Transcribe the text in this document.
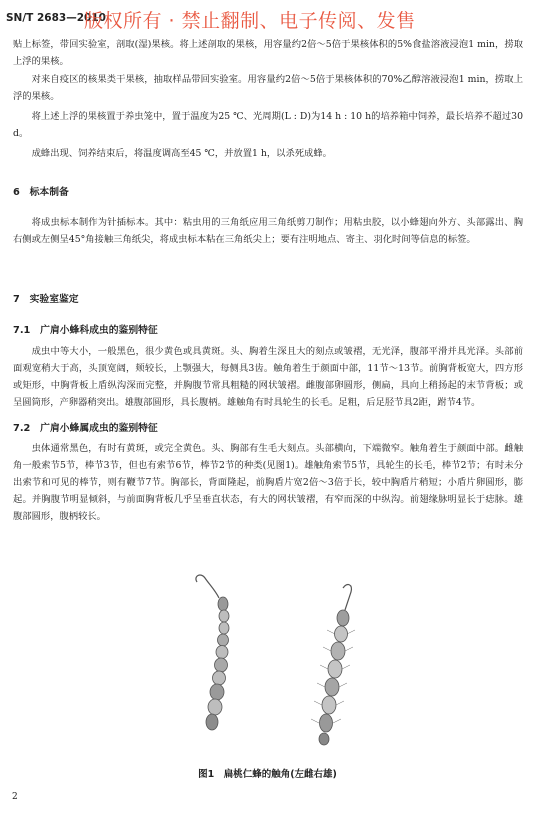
SN/T 2683—2010
版权所有 · 禁止翻制、电子传阅、发售
贴上标签，带回实验室，剖取(湿)果核。将上述剖取的果核，用容量约2倍～5倍于果核体积的5%食盐溶液浸泡1 min，捞取上浮的果核。
对来自疫区的核果类干果核，抽取样品带回实验室。用容量约2倍～5倍于果核体积的70%乙醇溶液浸泡1 min，捞取上浮的果核。
将上述上浮的果核置于养虫笼中，置于温度为25 ℃、光周期(L : D)为14 h : 10 h的培养箱中饲养，最长培养不超过30 d。
成蜂出现、饲养结束后，将温度调高至45 ℃，并放置1 h，以杀死成蜂。
6　标本制备
将成虫标本制作为针插标本。其中：粘虫用的三角纸应用三角纸剪刀制作；用粘虫胶，以小蜂翅向外方、头部露出、胸右侧或左侧呈45°角接触三角纸尖，将成虫标本粘在三角纸尖上；要有注明地点、寄主、羽化时间等信息的标签。
7　实验室鉴定
7.1　广肩小蜂科成虫的鉴别特征
成虫中等大小，一般黑色，很少黄色或具黄斑。头、胸着生深且大的刻点或皱褶，无光泽，腹部平滑并具光泽。头部前面观宽稍大于高，头顶宽阔，颊较长，上颚强大，每侧具3齿。触角着生于颜面中部，11节～13节。前胸背板宽大，四方形或矩形，中胸背板上盾纵沟深而完整，并胸腹节常具粗糙的网状皱褶。雌腹部卵圆形，侧扁，具向上稍扬起的末节背板；或呈圆筒形，产卵器稍突出。雄腹部圆形，具长腹柄。雄触角有时具轮生的长毛。足粗，后足胫节具2距，跗节4节。
7.2　广肩小蜂属成虫的鉴别特征
虫体通常黑色，有时有黄斑，或完全黄色。头、胸部有生毛大刻点。头部横向，下端微窄。触角着生于颜面中部。雌触角一般索节5节，棒节3节，但也有索节6节，棒节2节的种类(见图1)。雄触角索节5节，具轮生的长毛，棒节2节；有时未分出索节和可见的棒节，则有鞭节7节。胸部长，背面隆起，前胸盾片宽2倍～3倍于长，较中胸盾片稍短；小盾片卵圆形，膨起。并胸腹节明显倾斜，与前面胸背板几乎呈垂直状态，有大的网状皱褶，有窄而深的中纵沟。前翅缘脉明显长于痣脉。雄腹部圆形，腹柄较长。
图1　扁桃仁蜂的触角(左雌右雄)
2
